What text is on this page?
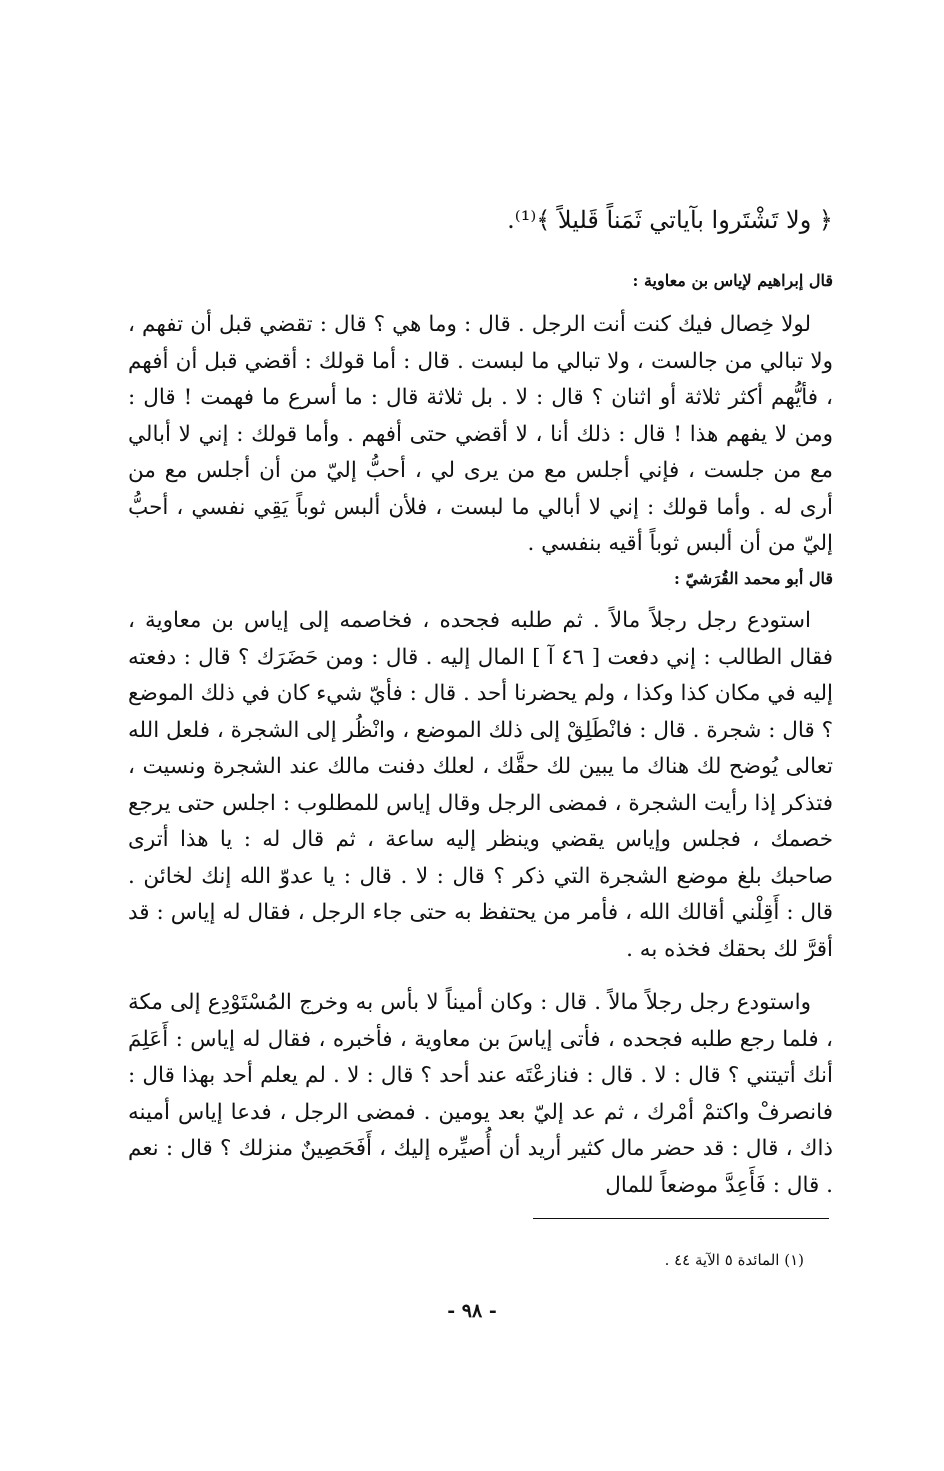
﴿ ولا تَشْتَروا بآياتي ثَمَناً قَليلاً ﴾⁽¹⁾.
قال إبراهيم لإياس بن معاوية :

لولا خِصال فيك كنت أنت الرجل . قال : وما هي ؟ قال : تقضي قبل أن تفهم ، ولا تبالي من جالست ، ولا تبالي ما لبست . قال : أما قولك : أقضي قبل أن أفهم ، فأيُّهم أكثر ثلاثة أو اثنان ؟ قال : لا . بل ثلاثة قال : ما أسرع ما فهمت ! قال : ومن لا يفهم هذا ! قال : ذلك أنا ، لا أقضي حتى أفهم . وأما قولك : إني لا أبالي مع من جلست ، فإني أجلس مع من يرى لي ، أحبُّ إليّ من أن أجلس مع من أرى له . وأما قولك : إني لا أبالي ما لبست ، فلأن ألبس ثوباً يَقِي نفسي ، أحبُّ إليّ من أن ألبس ثوباً أقيه بنفسي .

قال أبو محمد القُرَشيّ :

استودع رجل رجلاً مالاً . ثم طلبه فجحده ، فخاصمه إلى إياس بن معاوية ، فقال الطالب : إني دفعت [ ٤٦ آ ] المال إليه . قال : ومن حَضَرَك ؟ قال : دفعته إليه في مكان كذا وكذا ، ولم يحضرنا أحد . قال : فأيّ شيء كان في ذلك الموضع ؟ قال : شجرة . قال : فانْطَلِقْ إلى ذلك الموضع ، وانْظُر إلى الشجرة ، فلعل الله تعالى يُوضح لك هناك ما يبين لك حقَّك ، لعلك دفنت مالك عند الشجرة ونسيت ، فتذكر إذا رأيت الشجرة ، فمضى الرجل وقال إياس للمطلوب : اجلس حتى يرجع خصمك ، فجلس وإياس يقضي وينظر إليه ساعة ، ثم قال له : يا هذا أترى صاحبك بلغ موضع الشجرة التي ذكر ؟ قال : لا . قال : يا عدوّ الله إنك لخائن . قال : أَقِلْني أقالك الله ، فأمر من يحتفظ به حتى جاء الرجل ، فقال له إياس : قد أقرَّ لك بحقك فخذه به .

واستودع رجل رجلاً مالاً . قال : وكان أميناً لا بأس به وخرج المُسْتَوْدِع إلى مكة ، فلما رجع طلبه فجحده ، فأتى إياسَ بن معاوية ، فأخبره ، فقال له إياس : أَعَلِمَ أنك أتيتني ؟ قال : لا . قال : فنازعْتَه عند أحد ؟ قال : لا . لم يعلم أحد بهذا قال : فانصرفْ واكتمْ أمْرك ، ثم عد إليّ بعد يومين . فمضى الرجل ، فدعا إياس أمينه ذاك ، قال : قد حضر مال كثير أريد أن أُصيِّره إليك ، أَفَحَصِينٌ منزلك ؟ قال : نعم . قال : فَأَعِدَّ موضعاً للمال

(١) المائدة ٥ الآية ٤٤ .
- ٩٨ -
